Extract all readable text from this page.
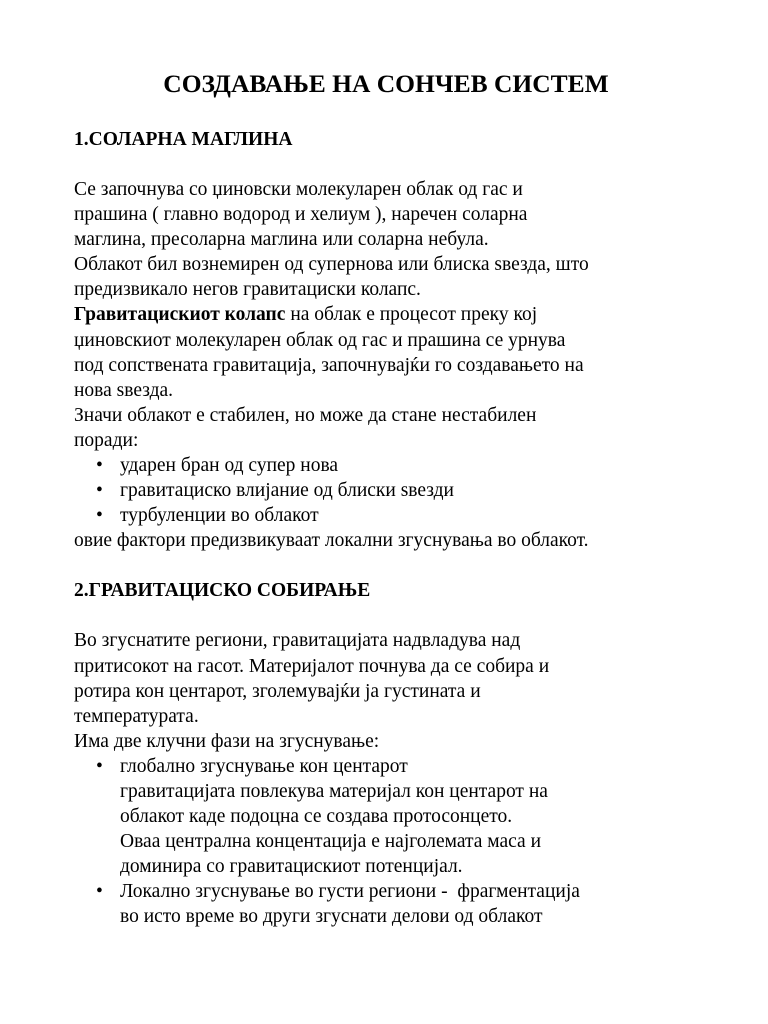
СОЗДАВАЊЕ НА СОНЧЕВ СИСТЕМ
1.СОЛАРНА МАГЛИНА
Се започнува со џиновски молекуларен облак од гас и
прашина ( главно водород и хелиум ), наречен соларна
маглина, пресоларна маглина или соларна небула.
Облакот бил вознемирен од супернова или блиска ѕвезда, што
предизвикало негов гравитациски колапс.
Гравитацискиот колапс на облак е процесот преку кој
џиновскиот молекуларен облак од гас и прашина се урнува
под сопствената гравитација, започнувајќи го создавањето на
нова ѕвезда.
Значи облакот е стабилен, но може да стане нестабилен
поради:
• ударен бран од супер нова
• гравитациско влијание од блиски ѕвезди
• турбуленции во облакот
овие фактори предизвикуваат локални згуснувања во облакот.
2.ГРАВИТАЦИСКО СОБИРАЊЕ
Во згуснатите региони, гравитацијата надвладува над
притисокот на гасот. Материјалот почнува да се собира и
ротира кон центарот, зголемувајќи ја густината и
температурата.
Има две клучни фази на згуснување:
• глобално згуснување кон центарот
гравитацијата повлекува материјал кон центарот на
облакот каде подоцна се создава протосонцето.
Оваа централна концентација е најголемата маса и
доминира со гравитацискиот потенцијал.
• Локално згуснување во густи региони -  фрагментација
во исто време во други згуснати делови од облакот
